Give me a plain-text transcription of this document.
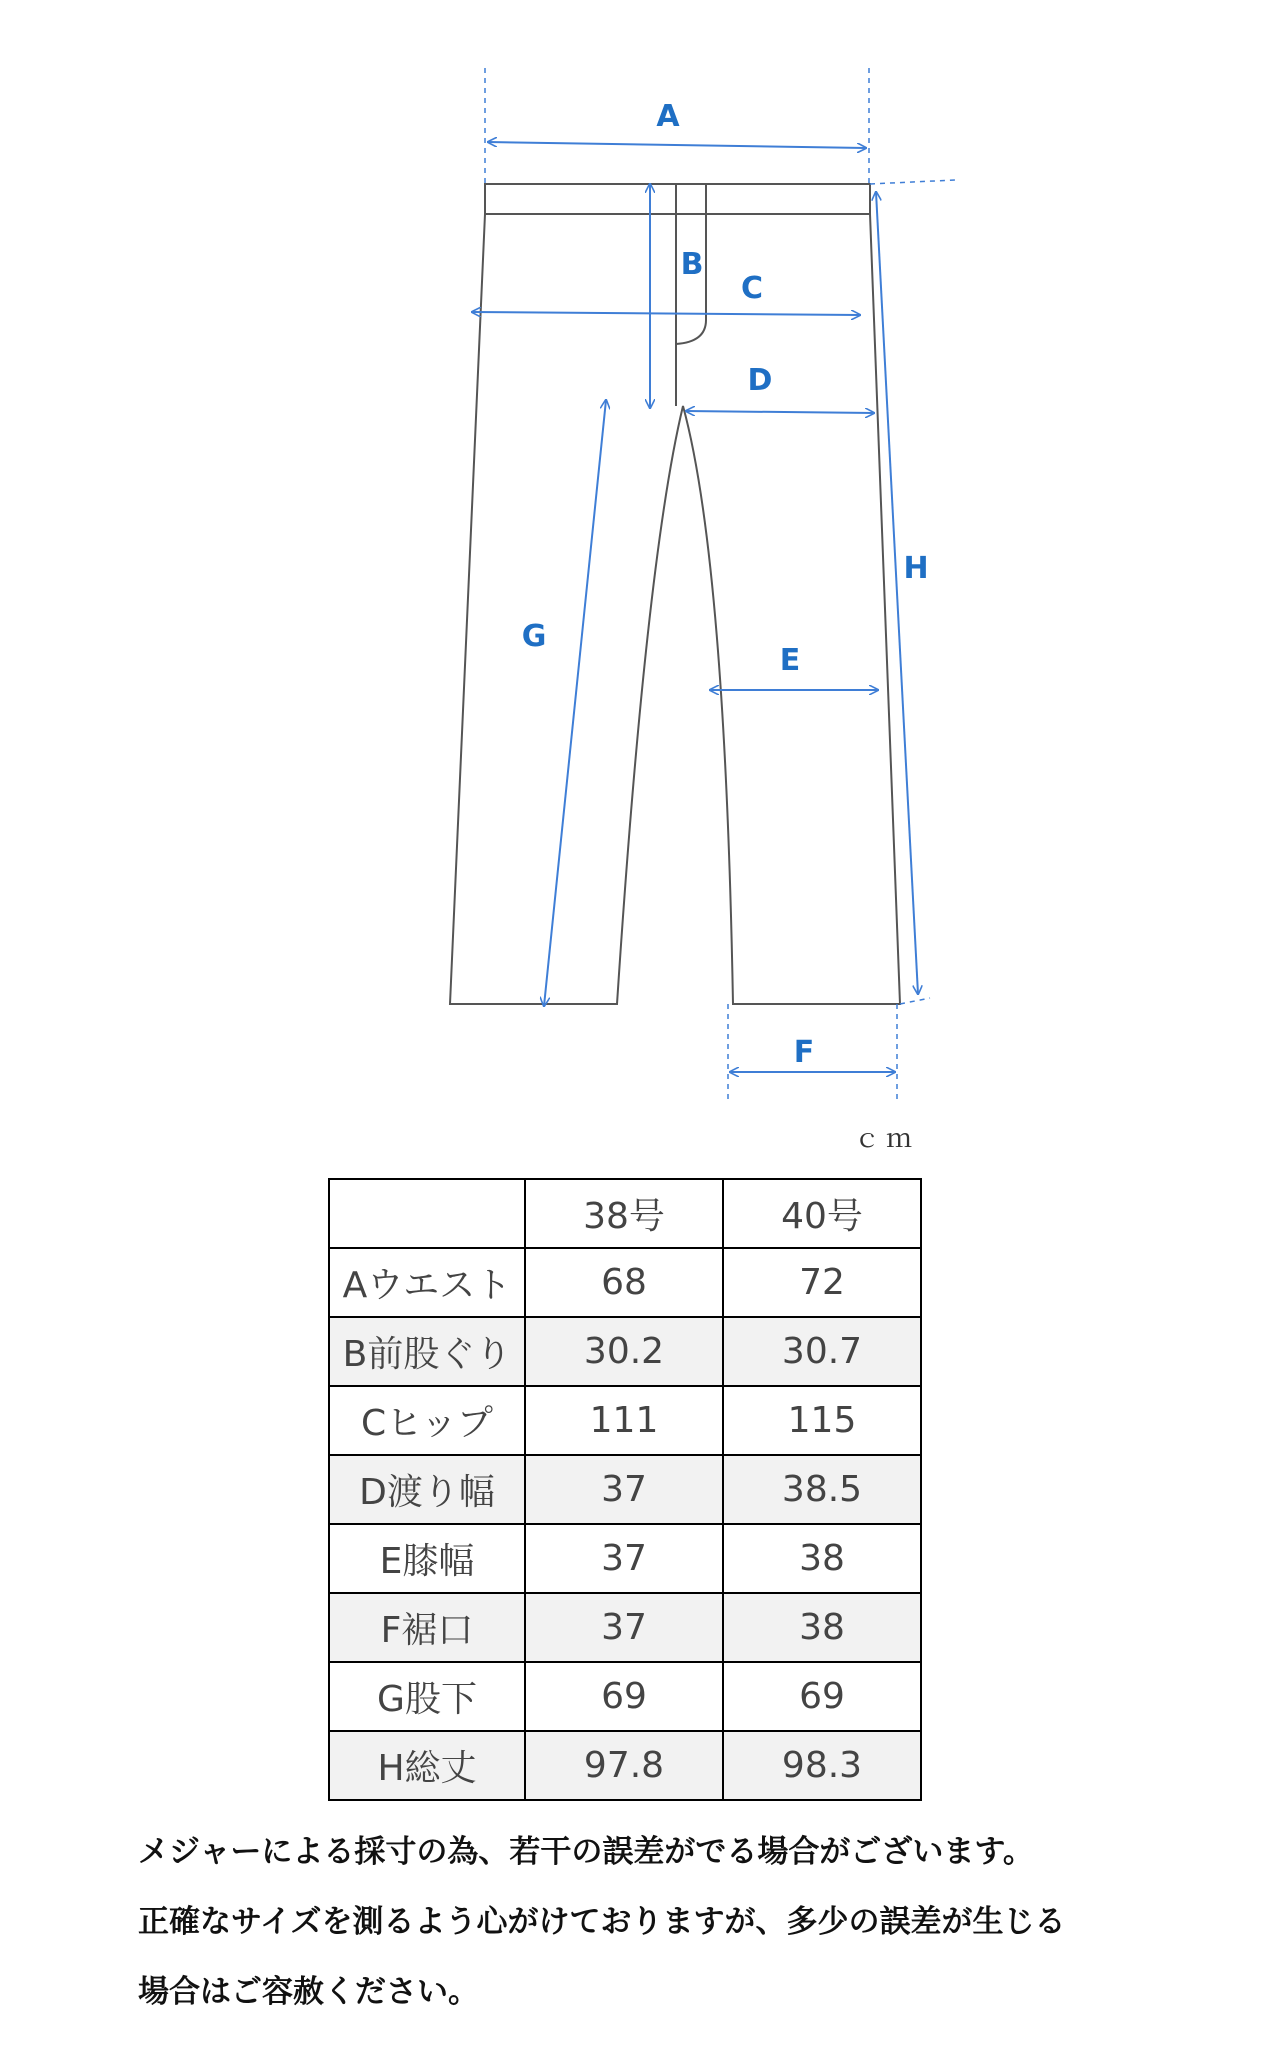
A
B
C
D
E
F
G
H
ｃｍ
	38号	40号
Aウエスト	68	72
B前股ぐり	30.2	30.7
Cヒップ	111	115
D渡り幅	37	38.5
E膝幅	37	38
F裾口	37	38
G股下	69	69
H総丈	97.8	98.3
メジャーによる採寸の為、若干の誤差がでる場合がございます。
正確なサイズを測るよう心がけておりますが、多少の誤差が生じる
場合はご容赦ください。
